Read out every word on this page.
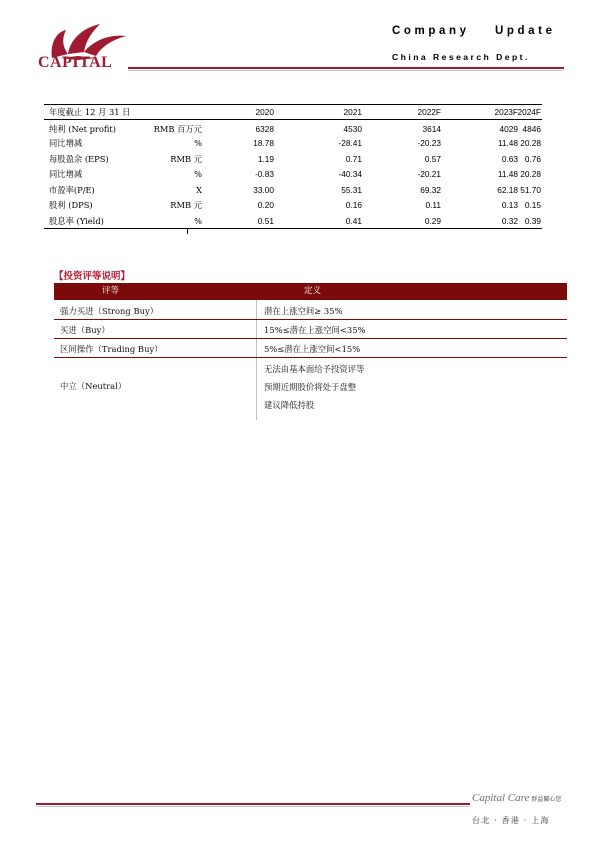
CAPITAL
Company Update
China Research Dept.
年度截止 12 月 31 日	2020	2021	2022F	2023F 2024F
纯利 (Net profit)	RMB 百万元	6328	4530	3614	4029 4846
同比增减	%	18.78	-28.41	-20.23	11.48 20.28
每股盈余 (EPS)	RMB 元	1.19	0.71	0.57	0.63 0.76
同比增减	%	-0.83	-40.34	-20.21	11.48 20.28
市盈率(P/E)	X	33.00	55.31	69.32	62.18 51.70
股利 (DPS)	RMB 元	0.20	0.16	0.11	0.13 0.15
股息率 (Yield)	%	0.51	0.41	0.29	0.32 0.39
【投资评等说明】
评等	定义
强力买进（Strong Buy）	潜在上涨空间≥ 35%
买进（Buy）	15%≤潜在上涨空间<35%
区间操作（Trading Buy）	5%≤潜在上涨空间<15%
中立（Neutral）
无法由基本面给予投资评等
预期近期股价将处于盘整
建议降低持股
Capital Care 群益關心您
台北 · 香港 · 上海
